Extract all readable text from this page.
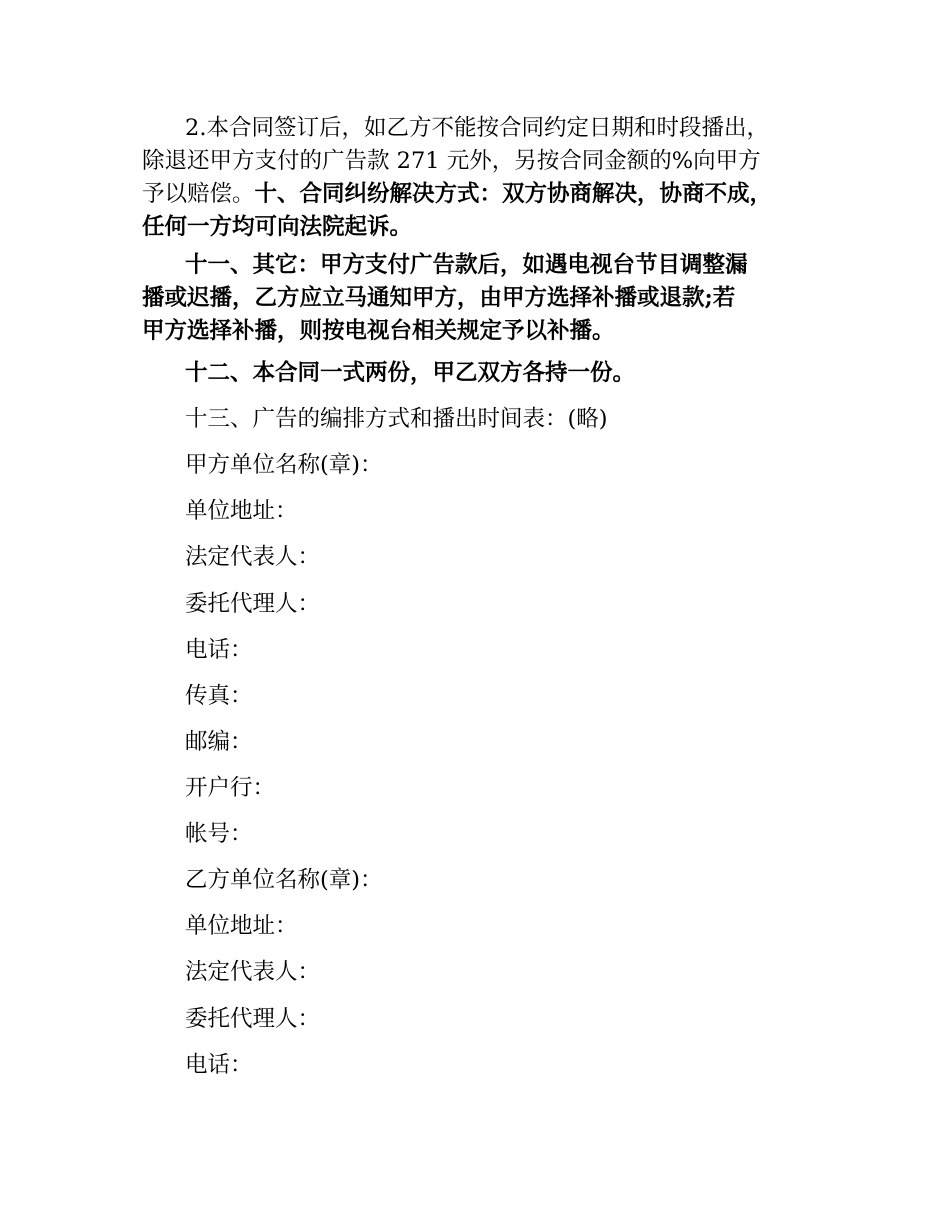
2.本合同签订后，如乙方不能按合同约定日期和时段播出，
除退还甲方支付的广告款 271 元外，另按合同金额的%向甲方
予以赔偿。十、合同纠纷解决方式：双方协商解决，协商不成，
任何一方均可向法院起诉。
十一、其它：甲方支付广告款后，如遇电视台节目调整漏
播或迟播，乙方应立马通知甲方，由甲方选择补播或退款;若
甲方选择补播，则按电视台相关规定予以补播。
十二、本合同一式两份，甲乙双方各持一份。
十三、广告的编排方式和播出时间表：(略)
甲方单位名称(章)：
单位地址：
法定代表人：
委托代理人：
电话：
传真：
邮编：
开户行：
帐号：
乙方单位名称(章)：
单位地址：
法定代表人：
委托代理人：
电话：
